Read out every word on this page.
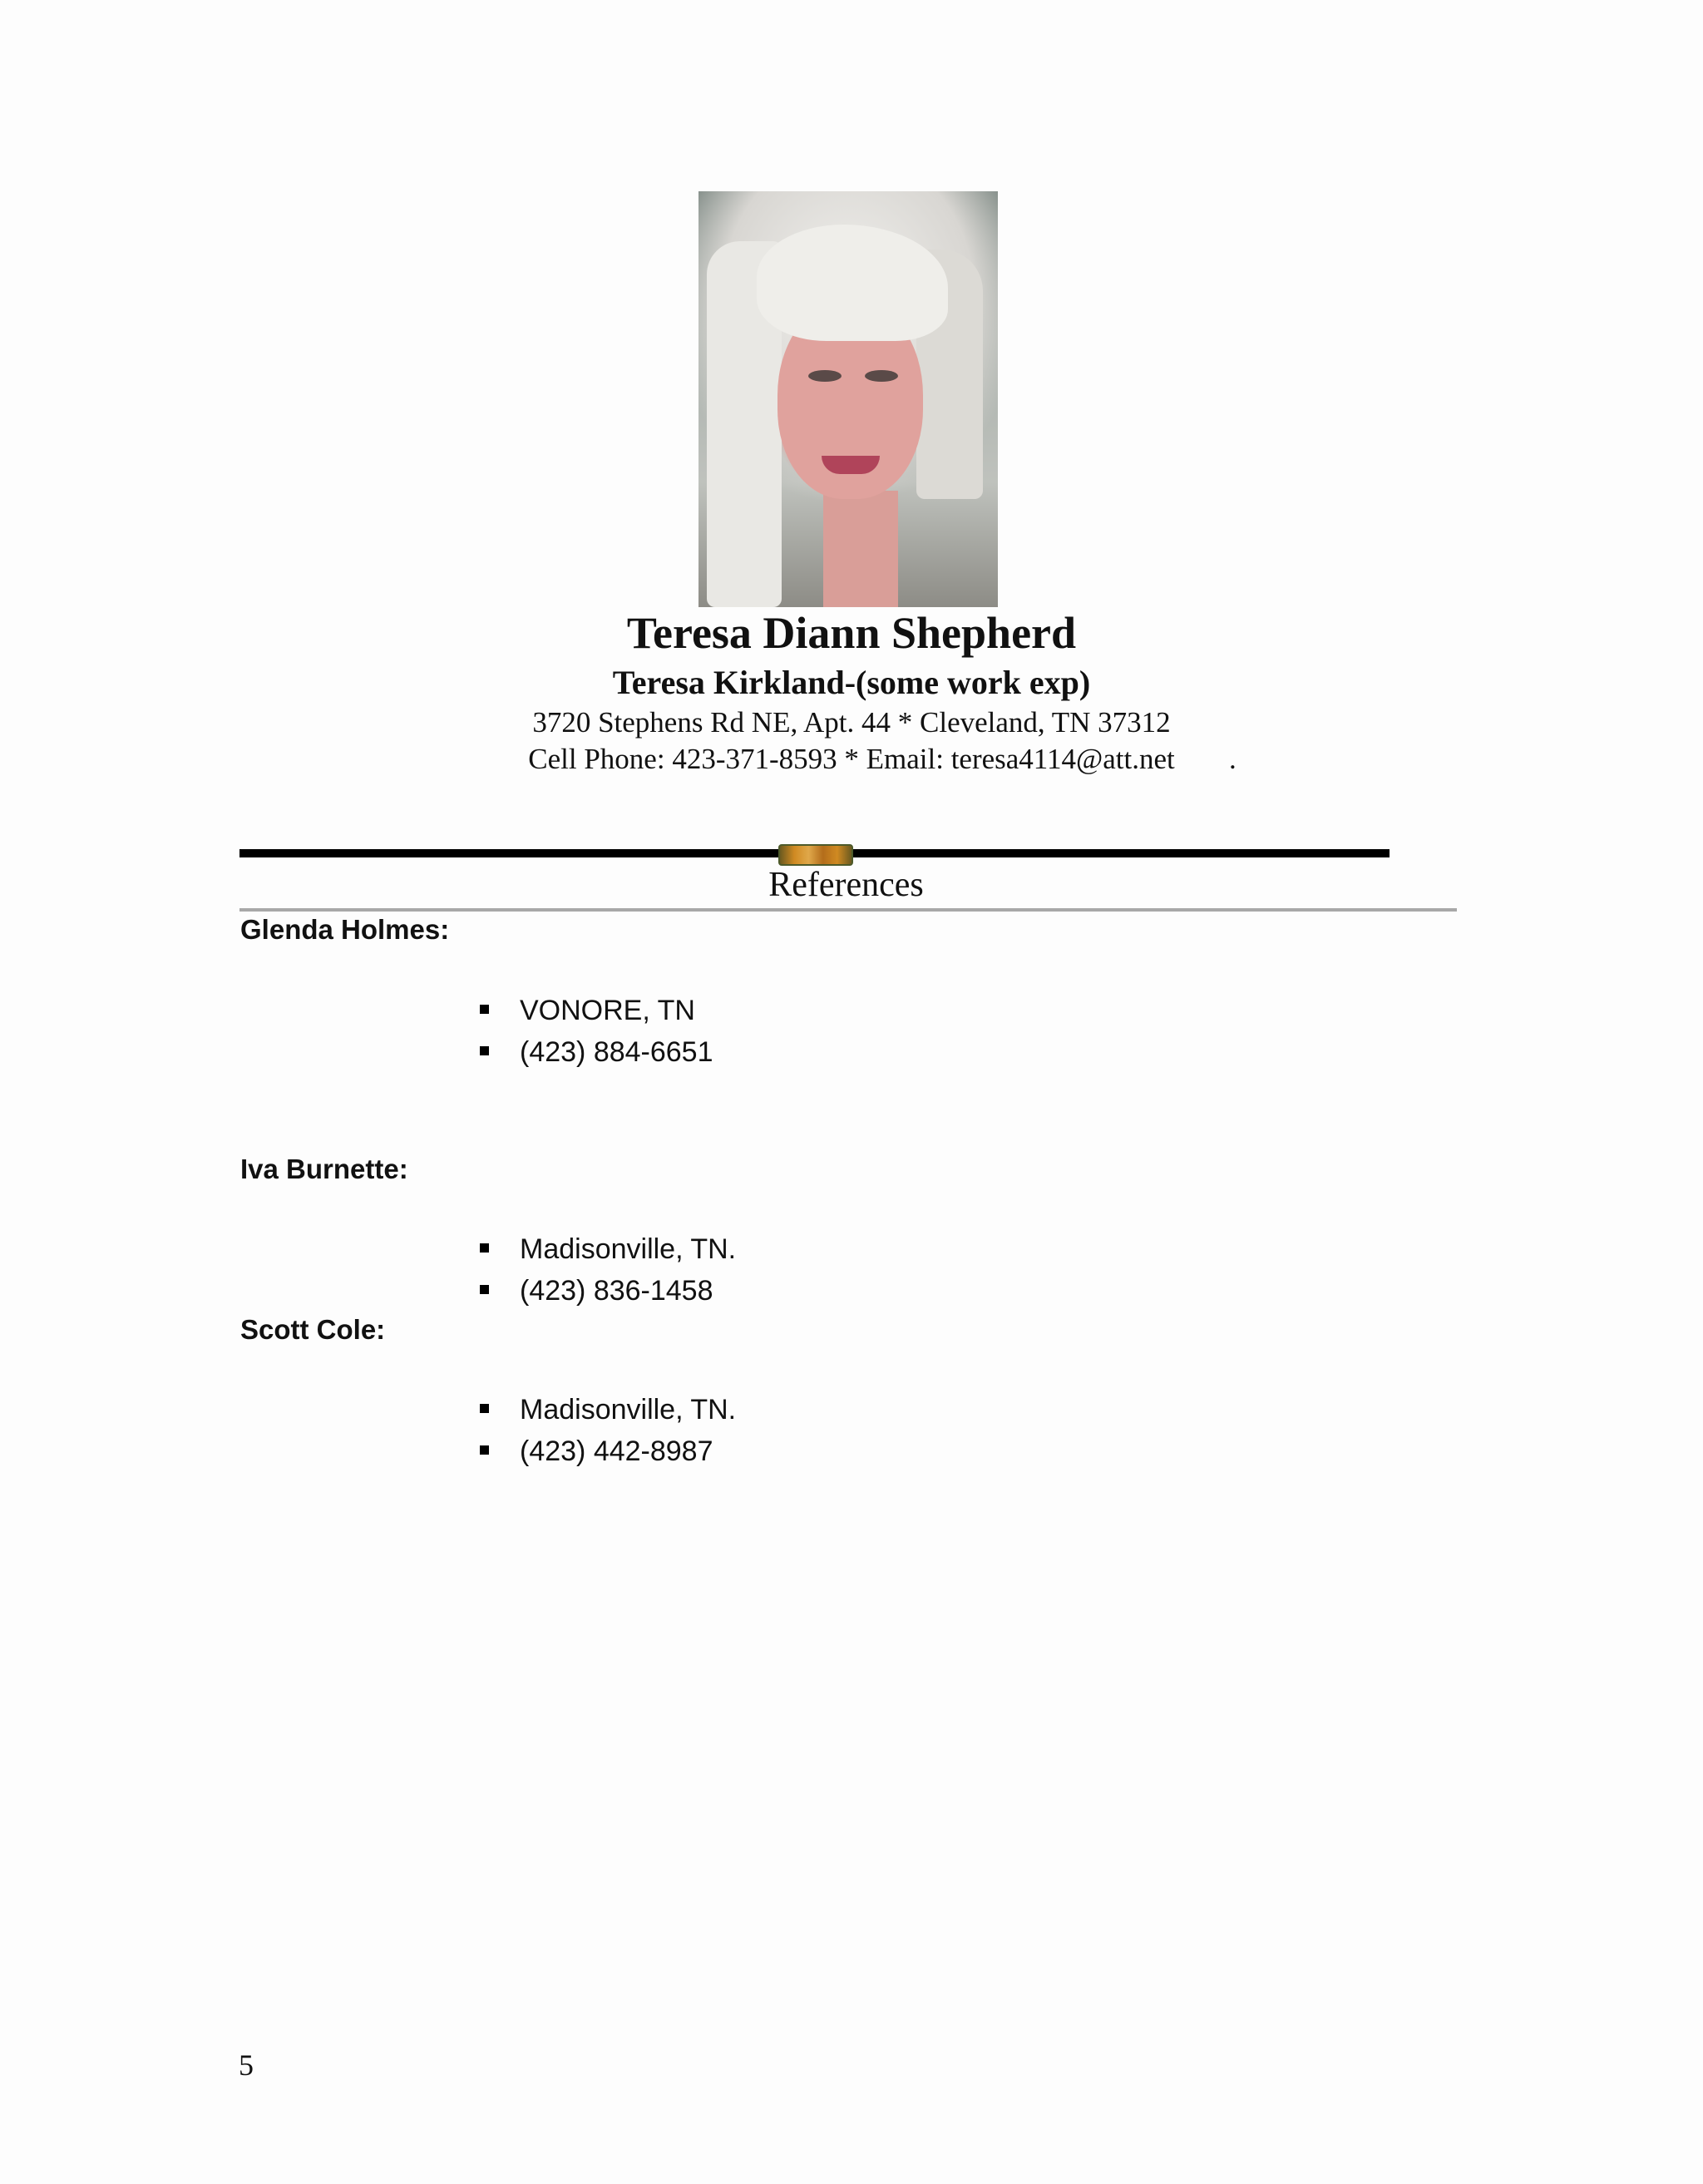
Teresa Diann Shepherd
Teresa Kirkland-(some work exp)
3720 Stephens Rd NE, Apt. 44 * Cleveland, TN 37312
Cell Phone: 423-371-8593 * Email: teresa4114@att.net	.
References
Glenda Holmes:
VONORE, TN
(423) 884-6651
Iva Burnette:
Madisonville, TN.
(423) 836-1458
Scott Cole:
Madisonville, TN.
(423) 442-8987
5
